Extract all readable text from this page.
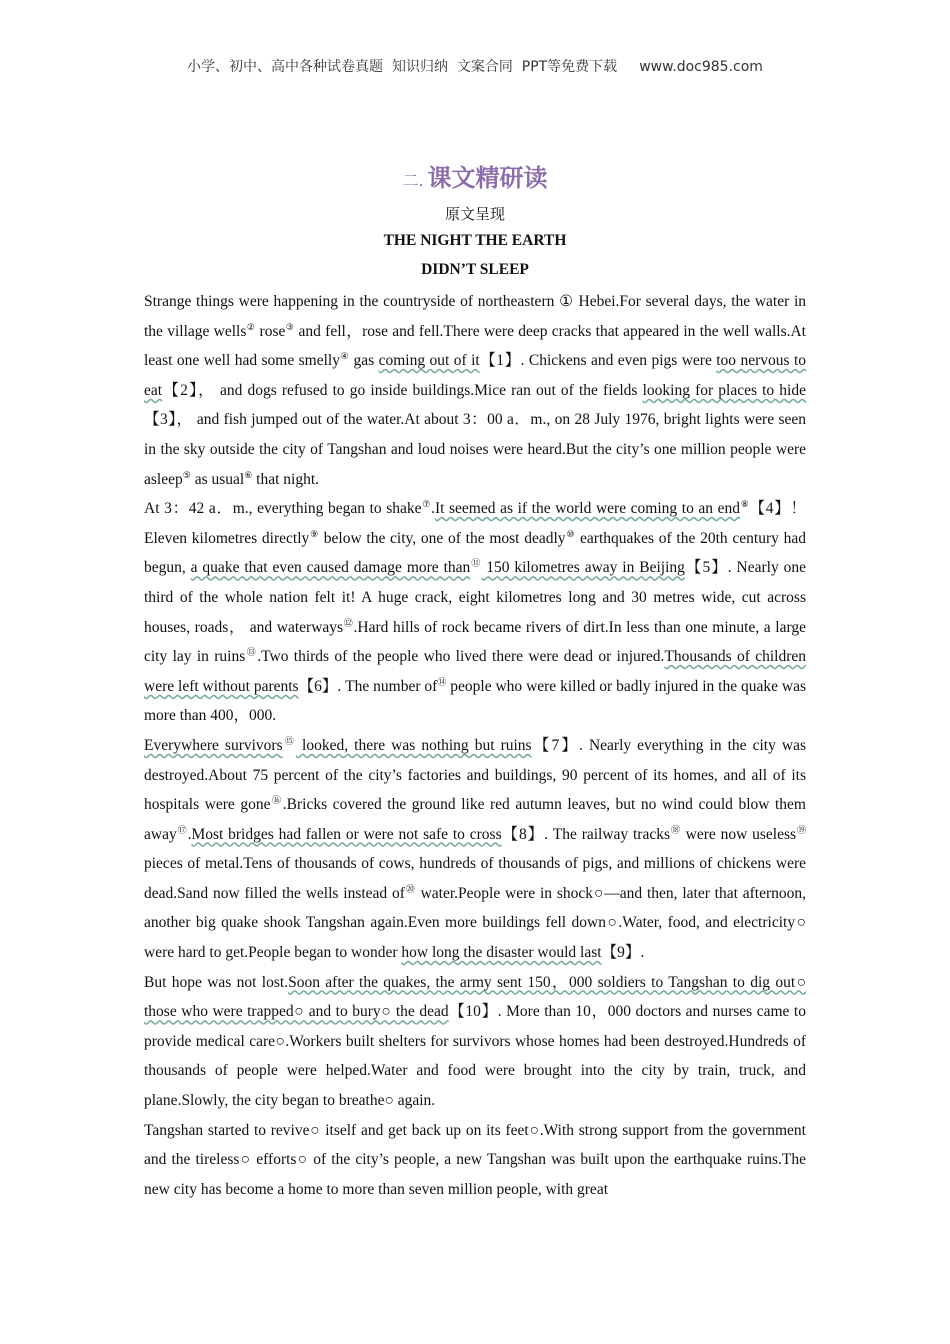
小学、初中、高中各种试卷真题  知识归纳  文案合同  PPT等免费下载 www.doc985.com
二. 课文精研读
原文呈现
THE NIGHT THE EARTH
DIDN’T SLEEP

Strange things were happening in the countryside of northeastern ① Hebei.For several days, the water in the village wells② rose③ and fell，rose and fell.There were deep cracks that appeared in the well walls.At least one well had some smelly④ gas coming out of it【1】. Chickens and even pigs were too nervous to eat【2】， and dogs refused to go inside buildings.Mice ran out of the fields looking for places to hide【3】， and fish jumped out of the water.At about 3：00 a．m., on 28 July 1976, bright lights were seen in the sky outside the city of Tangshan and loud noises were heard.But the city’s one million people were asleep⑤ as usual⑥ that night.

At 3：42 a．m., everything began to shake⑦.It seemed as if the world were coming to an end⑧【4】！ Eleven kilometres directly⑨ below the city, one of the most deadly⑩ earthquakes of the 20th century had begun, a quake that even caused damage more than⑪ 150 kilometres away in Beijing【5】. Nearly one third of the whole nation felt it! A huge crack, eight kilometres long and 30 metres wide, cut across houses, roads， and waterways⑫.Hard hills of rock became rivers of dirt.In less than one minute, a large city lay in ruins⑬.Two thirds of the people who lived there were dead or injured.Thousands of children were left without parents【6】. The number of⑭ people who were killed or badly injured in the quake was more than 400，000.

Everywhere survivors⑮ looked, there was nothing but ruins【7】. Nearly everything in the city was destroyed.About 75 percent of the city’s factories and buildings, 90 percent of its homes, and all of its hospitals were gone⑯.Bricks covered the ground like red autumn leaves, but no wind could blow them away⑰.Most bridges had fallen or were not safe to cross【8】. The railway tracks⑱ were now useless⑲ pieces of metal.Tens of thousands of cows, hundreds of thousands of pigs, and millions of chickens were dead.Sand now filled the wells instead of⑳ water.People were in shock○—and then, later that afternoon, another big quake shook Tangshan again.Even more buildings fell down○.Water, food, and electricity○ were hard to get.People began to wonder how long the disaster would last【9】.

But hope was not lost.Soon after the quakes, the army sent 150，000 soldiers to Tangshan to dig out○ those who were trapped○ and to bury○ the dead【10】. More than 10，000 doctors and nurses came to provide medical care○.Workers built shelters for survivors whose homes had been destroyed.Hundreds of thousands of people were helped.Water and food were brought into the city by train, truck, and plane.Slowly, the city began to breathe○ again.

Tangshan started to revive○ itself and get back up on its feet○.With strong support from the government and the tireless○ efforts○ of the city’s people, a new Tangshan was built upon the earthquake ruins.The new city has become a home to more than seven million people, with great
